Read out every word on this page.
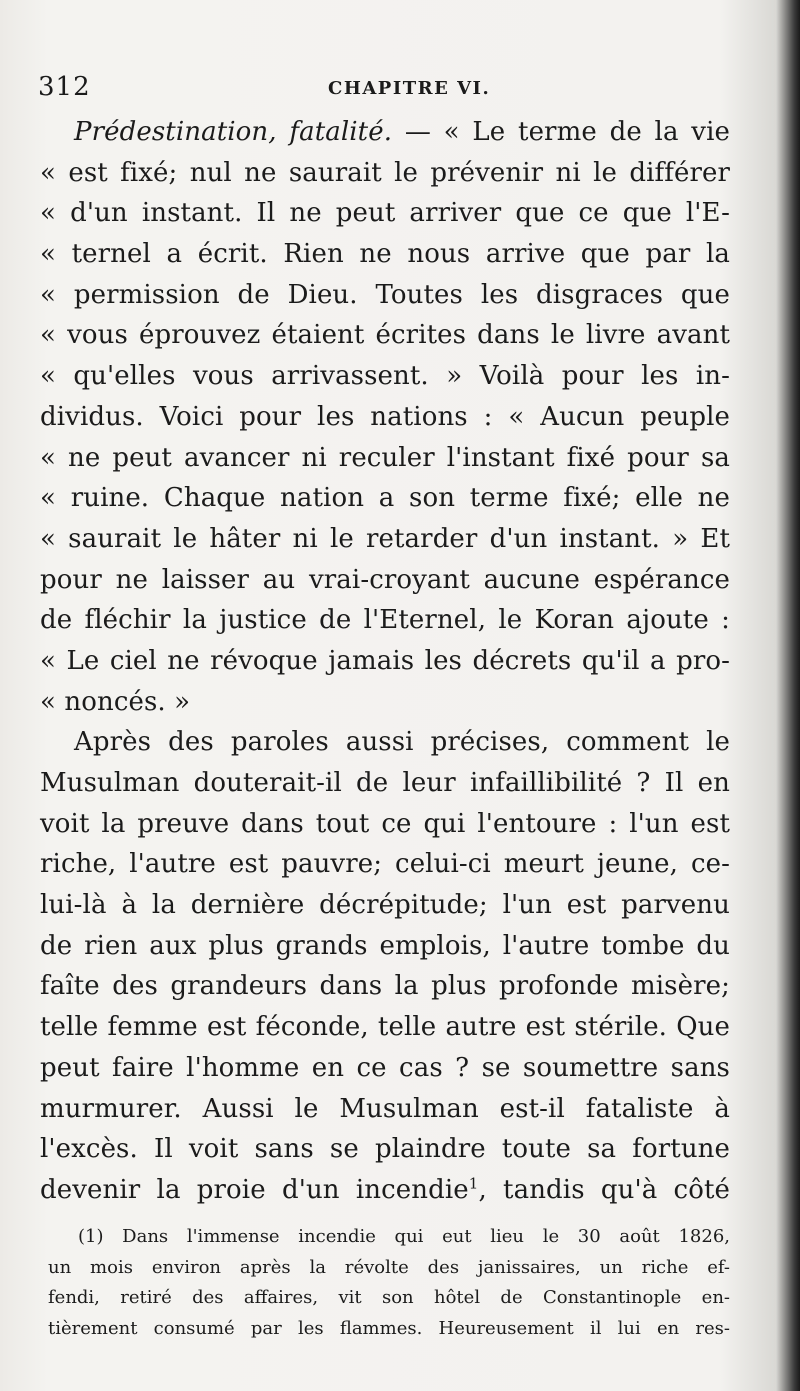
312	CHAPITRE VI.
Prédestination, fatalité. — « Le terme de la vie
« est fixé; nul ne saurait le prévenir ni le différer
« d'un instant. Il ne peut arriver que ce que l'E-
« ternel a écrit. Rien ne nous arrive que par la
« permission de Dieu. Toutes les disgraces que
« vous éprouvez étaient écrites dans le livre avant
« qu'elles vous arrivassent. » Voilà pour les in-
dividus. Voici pour les nations : « Aucun peuple
« ne peut avancer ni reculer l'instant fixé pour sa
« ruine. Chaque nation a son terme fixé; elle ne
« saurait le hâter ni le retarder d'un instant. » Et
pour ne laisser au vrai-croyant aucune espérance
de fléchir la justice de l'Eternel, le Koran ajoute :
« Le ciel ne révoque jamais les décrets qu'il a pro-
« noncés. »
Après des paroles aussi précises, comment le
Musulman douterait-il de leur infaillibilité ? Il en
voit la preuve dans tout ce qui l'entoure : l'un est
riche, l'autre est pauvre; celui-ci meurt jeune, ce-
lui-là à la dernière décrépitude; l'un est parvenu
de rien aux plus grands emplois, l'autre tombe du
faîte des grandeurs dans la plus profonde misère;
telle femme est féconde, telle autre est stérile. Que
peut faire l'homme en ce cas ? se soumettre sans
murmurer. Aussi le Musulman est-il fataliste à
l'excès. Il voit sans se plaindre toute sa fortune
devenir la proie d'un incendie$^1$, tandis qu'à côté
(1) Dans l'immense incendie qui eut lieu le 30 août 1826,
un mois environ après la révolte des janissaires, un riche ef-
fendi, retiré des affaires, vit son hôtel de Constantinople en-
tièrement consumé par les flammes. Heureusement il lui en res-
